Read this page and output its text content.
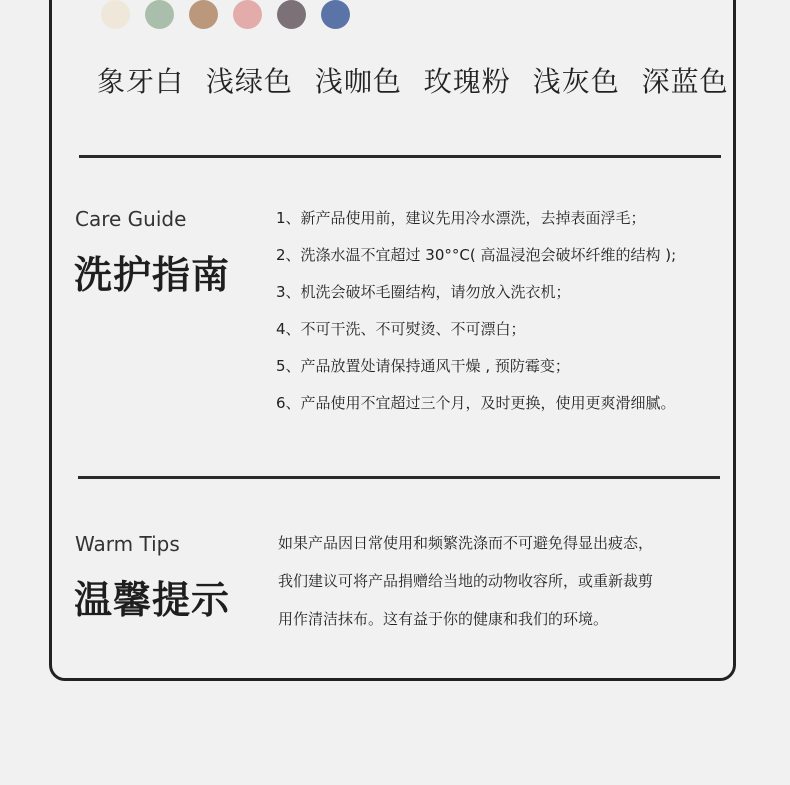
象牙白 浅绿色 浅咖色 玫瑰粉 浅灰色 深蓝色
Care Guide
洗护指南
1、新产品使用前，建议先用冷水漂洗，去掉表面浮毛；
2、洗涤水温不宜超过 30°°C( 高温浸泡会破坏纤维的结构 );
3、机洗会破坏毛圈结构，请勿放入洗衣机；
4、不可干洗、不可熨烫、不可漂白；
5、产品放置处请保持通风干燥 , 预防霉变；
6、产品使用不宜超过三个月，及时更换，使用更爽滑细腻。
Warm Tips
温馨提示

如果产品因日常使用和频繁洗涤而不可避免得显出疲态，

我们建议可将产品捐赠给当地的动物收容所，或重新裁剪

用作清洁抹布。这有益于你的健康和我们的环境。
